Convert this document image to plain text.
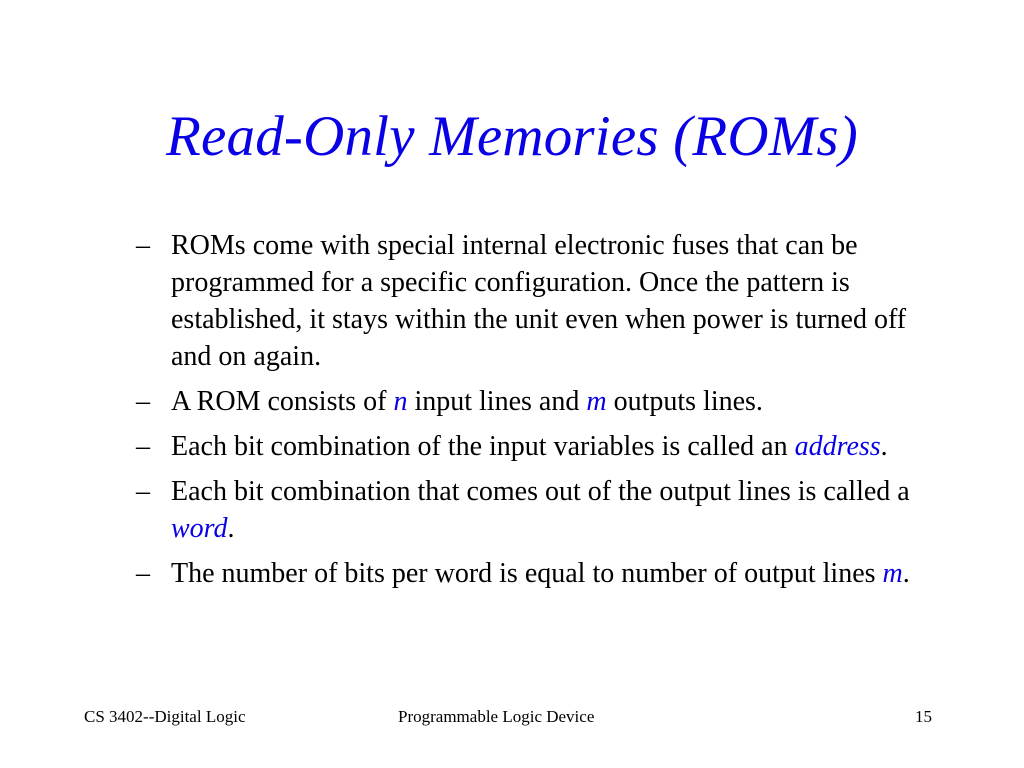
Read-Only Memories (ROMs)
– ROMs come with special internal electronic fuses that can be programmed for a specific configuration. Once the pattern is established, it stays within the unit even when power is turned off and on again.
– A ROM consists of n input lines and m outputs lines.
– Each bit combination of the input variables is called an address.
– Each bit combination that comes out of the output lines is called a word.
– The number of bits per word is equal to number of output lines m.
CS 3402--Digital Logic	Programmable Logic Device	15
